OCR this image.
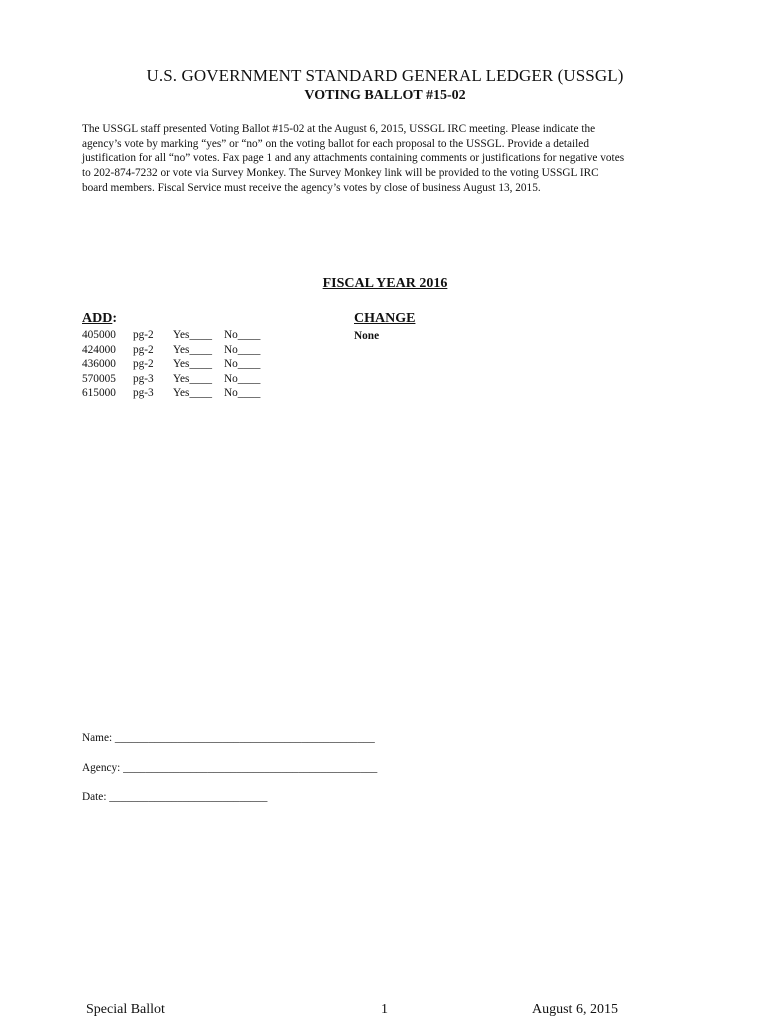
U.S. GOVERNMENT STANDARD GENERAL LEDGER (USSGL)
VOTING BALLOT #15-02

The USSGL staff presented Voting Ballot #15-02 at the August 6, 2015, USSGL IRC meeting. Please indicate the

agency’s vote by marking “yes” or “no” on the voting ballot for each proposal to the USSGL. Provide a detailed

justification for all “no” votes. Fax page 1 and any attachments containing comments or justifications for negative votes

to 202-874-7232 or vote via Survey Monkey. The Survey Monkey link will be provided to the voting USSGL IRC

board members. Fiscal Service must receive the agency’s votes by close of business August 13, 2015.

FISCAL YEAR 2016
ADD:	CHANGE
None
405000 pg-2 Yes____ No____
424000 pg-2 Yes____ No____
436000 pg-2 Yes____ No____
570005 pg-3 Yes____ No____
615000 pg-3 Yes____ No____
Name: ______________________________________________
Agency: _____________________________________________
Date: ____________________________
Special Ballot	1	August 6, 2015
